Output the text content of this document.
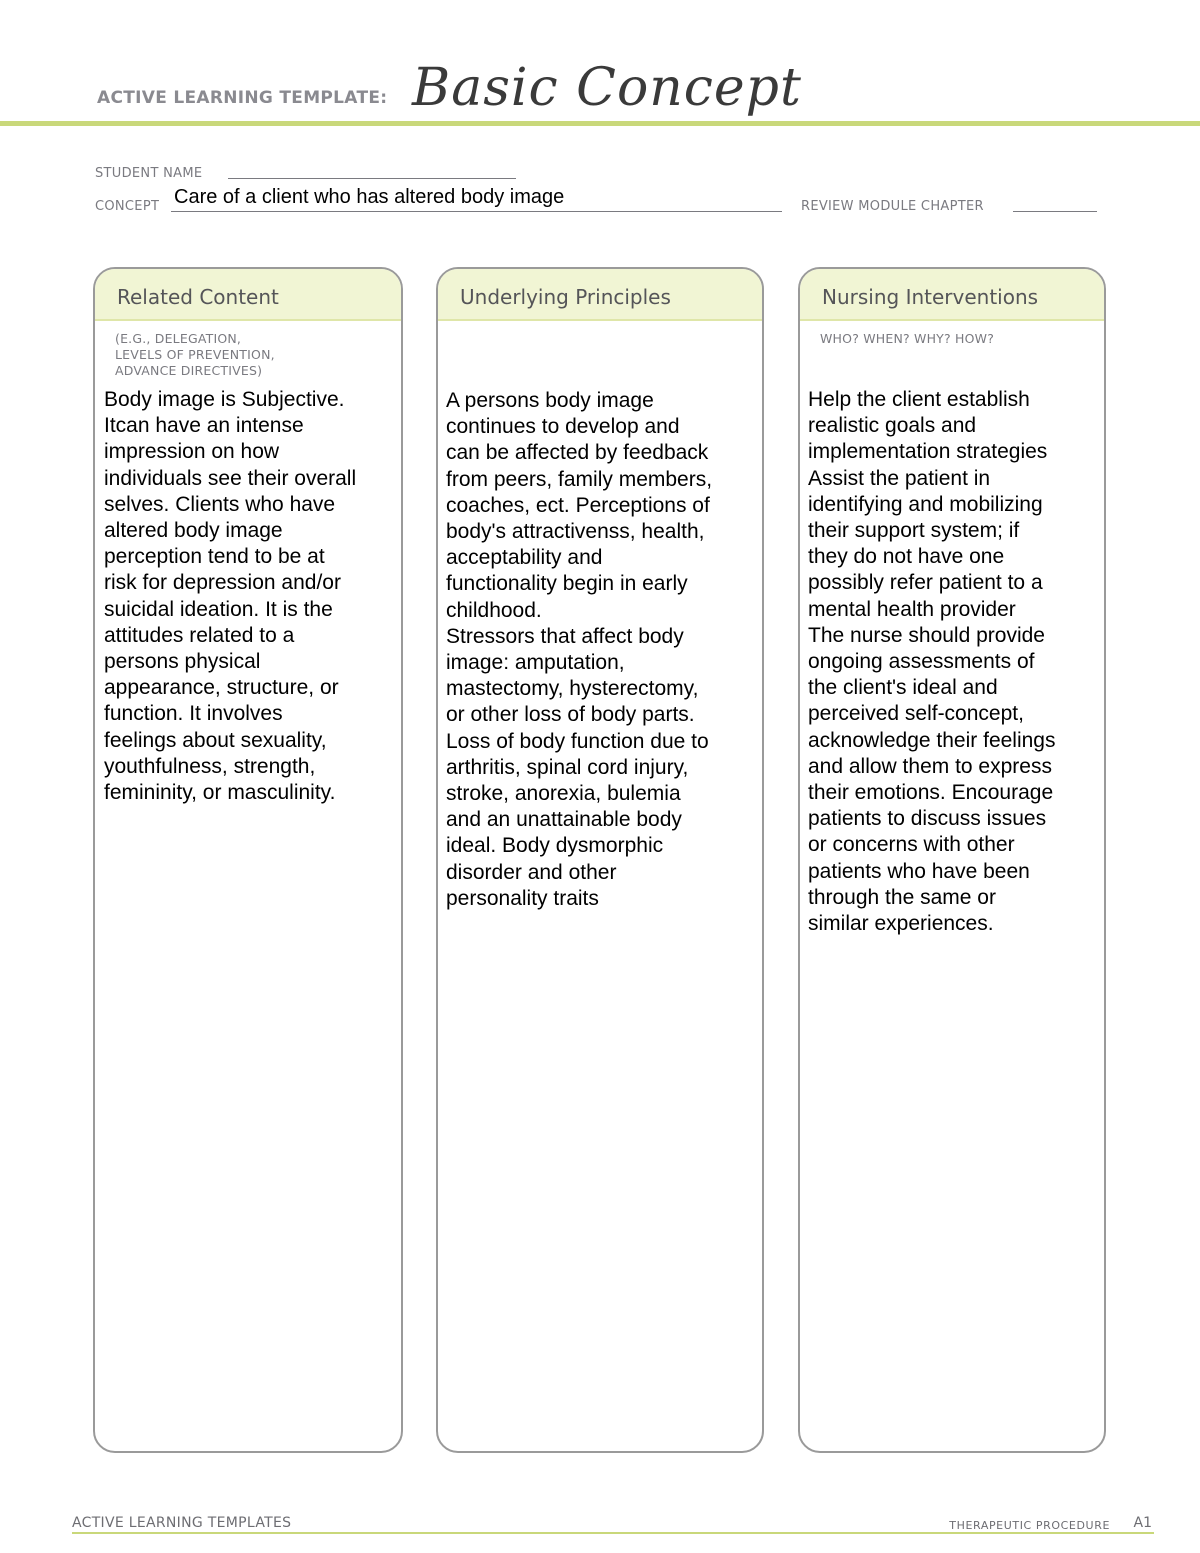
ACTIVE LEARNING TEMPLATE: Basic Concept
STUDENT NAME
CONCEPT Care of a client who has altered body image	REVIEW MODULE CHAPTER
Related Content
(E.G., DELEGATION,
LEVELS OF PREVENTION,
ADVANCE DIRECTIVES)
Body image is Subjective.
Itcan have an intense
impression on how
individuals see their overall
selves. Clients who have
altered body image
perception tend to be at
risk for depression and/or
suicidal ideation. It is the
attitudes related to a
persons physical
appearance, structure, or
function. It involves
feelings about sexuality,
youthfulness, strength,
femininity, or masculinity.
Underlying Principles
A persons body image
continues to develop and
can be affected by feedback
from peers, family members,
coaches, ect. Perceptions of
body's attractivenss, health,
acceptability and
functionality begin in early
childhood.
Stressors that affect body
image: amputation,
mastectomy, hysterectomy,
or other loss of body parts.
Loss of body function due to
arthritis, spinal cord injury,
stroke, anorexia, bulemia
and an unattainable body
ideal. Body dysmorphic
disorder and other
personality traits
Nursing Interventions
WHO? WHEN? WHY? HOW?
Help the client establish
realistic goals and
implementation strategies
Assist the patient in
identifying and mobilizing
their support system; if
they do not have one
possibly refer patient to a
mental health provider
The nurse should provide
ongoing assessments of
the client's ideal and
perceived self-concept,
acknowledge their feelings
and allow them to express
their emotions. Encourage
patients to discuss issues
or concerns with other
patients who have been
through the same or
similar experiences.
ACTIVE LEARNING TEMPLATES	THERAPEUTIC PROCEDURE A1
